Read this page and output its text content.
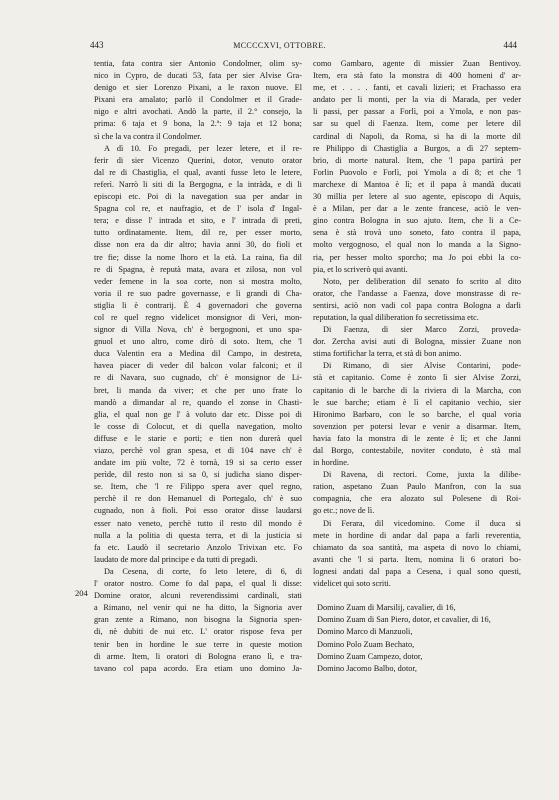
443	MCCCCXVI, OTTOBRE.	444
204
tentia, fata contra sier Antonio Condolmer, olim sy-
nico in Cypro, de ducati 53, fata per sier Alvise Gra-
denigo et sier Lorenzo Pixani, a le raxon nuove. El
Pixani era amalato; parlò il Condolmer et il Grade-
nigo e altri avochati. Andò la parte, il 2.° consejo, la
prima: 6 taja et 9 bona, la 2.ª: 9 taja et 12 bona;
sì che la va contra il Condolmer.
A dì 10. Fo pregadi, per lezer letere, et il re-
ferir di sier Vicenzo Querini, dotor, venuto orator
dal re di Chastiglia, el qual, avanti fusse leto le letere,
referì. Narrò li siti di la Bergogna, e la intràda, e di li
episcopi etc. Poi di la navegation sua per andar in
Spagna col re, et naufragio, et de l' isola d' Ingal-
tera; e disse l' intrada et sito, e l' intrada di preti,
tutto ordinatamente. Item, dil re, per esser morto,
disse non era da dir altro; havia anni 30, do fioli et
tre fie; disse la nome lhoro et la età. La raina, fia dil
re di Spagna, è reputà mata, avara et zilosa, non vol
veder femene in la soa corte, non si mostra molto,
voria il re suo padre governasse, e li grandi di Cha-
stiglia li è contrarij. È 4 governadori che governa
col re quel regno videlicet monsignor di Veri, mon-
signor di Villa Nova, ch' è bergognoni, et uno spa-
gnuol et uno altro, come dirò di soto. Item, che 'l
duca Valentin era a Medina dil Campo, in destreta,
havea piacer di veder dil balcon volar falconi; et il
re di Navara, suo cugnado, ch' è monsignor de Li-
bret, li manda da viver; et che per uno frate lo
mandò a dimandar al re, quando el zonse in Chasti-
glia, el qual non ge l' à voluto dar etc. Disse poi di
le cosse di Colocut, et di quella navegation, molto
diffuse e le starie e porti; e tien non durerà quel
viazo, perchè vol gran spesa, et di 104 nave ch' è
andate im più volte, 72 è tornà, 19 si sa certo esser
perìde, dil resto non si sa 0, si judicha siano disper-
se. Item, che 'l re Filippo spera aver quel regno,
perchè il re don Hemanuel di Portegalo, ch' è suo
cugnado, non à fioli. Poi esso orator disse laudarsi
esser nato veneto, perchè tutto il resto dil mondo è
nulla a la politia di questa terra, et di la justicia si
fa etc. Laudò il secretario Anzolo Trivixan etc. Fo
laudato de more dal principe e da tutti di pregadi.
Da Cesena, di corte, fo leto letere, di 6, di
l' orator nostro. Come fo dal papa, el qual li disse:
Domine orator, alcuni reverendissimi cardinali, stati
a Rimano, nel venir qui ne ha ditto, la Signoria aver
gran zente a Rimano, non bisogna la Signoria spen-
di, nè dubiti de nui etc. L' orator rispose feva per
tenir ben in hordine le sue terre in queste motion
di arme. Item, li oratori di Bologna erano lì, e tra-
tavano col papa acordo. Era etiam uno domino Ja-
como Gambaro, agente di missier Zuan Bentivoy.
Item, era stà fato la monstra di 400 homeni d' ar-
me, et . . . . fanti, et cavali lizieri; et Frachasso era
andato per li monti, per la via di Marada, per veder
li passi, per passar a Forlì, poi a Ymola, e non pas-
sar su quel di Faenza. Item, come per letere dil
cardinal di Napoli, da Roma, si ha di la morte dil
re Philippo di Chastiglia a Burgos, a dì 27 septem-
brio, di morte natural. Item, che 'l papa partirà per
Forlin Puovolo e Forlì, poi Ymola a dì 8; et che 'l
marchexe di Mantoa è lì; et il papa à mandà ducati
30 millia per letere al suo agente, episcopo di Aquis,
è a Milan, per dar a le zente francese, aciò le ven-
gino contra Bologna in suo ajuto. Item, che li a Ce-
sena è stà trovà uno soneto, fato contra il papa,
molto vergognoso, el qual non lo manda a la Signo-
ria, per hesser molto sporcho; ma Jo poi ebbi la co-
pia, et lo scriverò qui avanti.
Noto, per deliberation dil senato fo scrito al dito
orator, che l'andasse a Faenza, dove monstrasse di re-
sentirsi, aciò non vadi col papa contra Bologna a darli
reputation, la qual diliberation fo secretissima etc.
Di Faenza, di sier Marco Zorzi, proveda-
dor. Zercha avisi auti di Bologna, missier Zuane non
stima fortifichar la terra, et stà di bon animo.
Di Rimano, di sier Alvise Contarini, pode-
stà et capitanio. Come è zonto lì sier Alvise Zorzi,
capitanio di le barche di la riviera di la Marcha, con
le sue barche; etiam è lì el capitanio vechio, sier
Hironimo Barbaro, con le so barche, el qual voria
sovenzion per potersi levar e venir a disarmar. Item,
havia fato la monstra di le zente è lì; et che Janni
dal Borgo, contestabile, noviter conduto, è stà mal
in hordine.
Di Ravena, di rectori. Come, juxta la dilibe-
ration, aspetano Zuan Paulo Manfron, con la sua
compagnia, che era alozato sul Polesene di Roi-
go etc.; nove de lì.
Di Ferara, dil vicedomino. Come il duca si
mete in hordine di andar dal papa a farli reverentia,
chiamato da soa santità, ma aspeta di novo lo chiami,
avanti che 'l si parta. Item, nomina li 6 oratori bo-
lognesi andati dal papa a Cesena, i qual sono questi,
videlicet qui soto scriti.
Domino Zuam di Marsilij, cavalier, di 16,
Domino Zuam di San Piero, dotor, et cavalier, di 16,
Domino Marco di Manzuoli,
Domino Polo Zuam Bechato,
Domino Zuam Campezo, dotor,
Domino Jacomo Balbo, dotor,
